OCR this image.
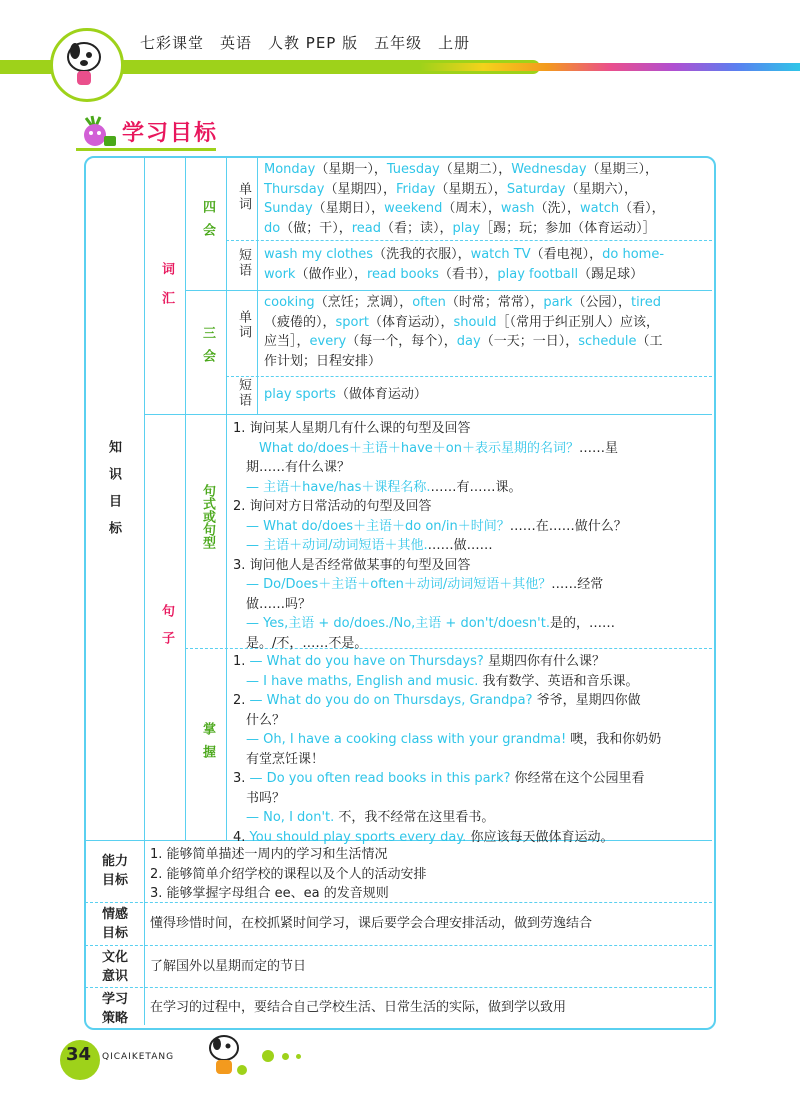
七彩课堂　英语　人教 PEP 版　五年级　上册
学习目标
知识目标
词汇
四会
三会
单词
短语
单词
短语
句子
句式或句型
掌握
Monday（星期一），Tuesday（星期二），Wednesday（星期三），
Thursday（星期四），Friday（星期五），Saturday（星期六），
Sunday（星期日），weekend（周末），wash（洗），watch（看），
do（做；干），read（看；读），play［踢；玩；参加（体育运动）］
wash my clothes（洗我的衣服），watch TV（看电视），do home-
work（做作业），read books（看书），play football（踢足球）
cooking（烹饪；烹调），often（时常；常常），park（公园），tired
（疲倦的），sport（体育运动），should［（常用于纠正别人）应该，
应当］，every（每一个，每个），day（一天；一日），schedule（工
作计划；日程安排）
play sports（做体育运动）
1. 询问某人星期几有什么课的句型及回答
　　What do/does＋主语＋have＋on＋表示星期的名词？……星
　期……有什么课？
　— 主语＋have/has＋课程名称.……有……课。
2. 询问对方日常活动的句型及回答
　— What do/does＋主语＋do on/in＋时间？……在……做什么？
　— 主语＋动词/动词短语＋其他.……做……
3. 询问他人是否经常做某事的句型及回答
　— Do/Does＋主语＋often＋动词/动词短语＋其他？……经常
　做……吗？
　— Yes,主语 + do/does./No,主语 + don't/doesn't.是的，……
　是。/不，……不是。
1. — What do you have on Thursdays? 星期四你有什么课？
　— I have maths, English and music. 我有数学、英语和音乐课。
2. — What do you do on Thursdays, Grandpa? 爷爷，星期四你做
　什么？
　— Oh, I have a cooking class with your grandma! 噢，我和你奶奶
　有堂烹饪课！
3. — Do you often read books in this park? 你经常在这个公园里看
　书吗？
　— No, I don't. 不，我不经常在这里看书。
4. You should play sports every day. 你应该每天做体育运动。
能力
目标
1. 能够简单描述一周内的学习和生活情况
2. 能够简单介绍学校的课程以及个人的活动安排
3. 能够掌握字母组合 ee、ea 的发音规则
情感
目标
懂得珍惜时间，在校抓紧时间学习，课后要学会合理安排活动，做到劳逸结合
文化
意识
了解国外以星期而定的节日
学习
策略
在学习的过程中，要结合自己学校生活、日常生活的实际，做到学以致用
34 QICAIKETANG
